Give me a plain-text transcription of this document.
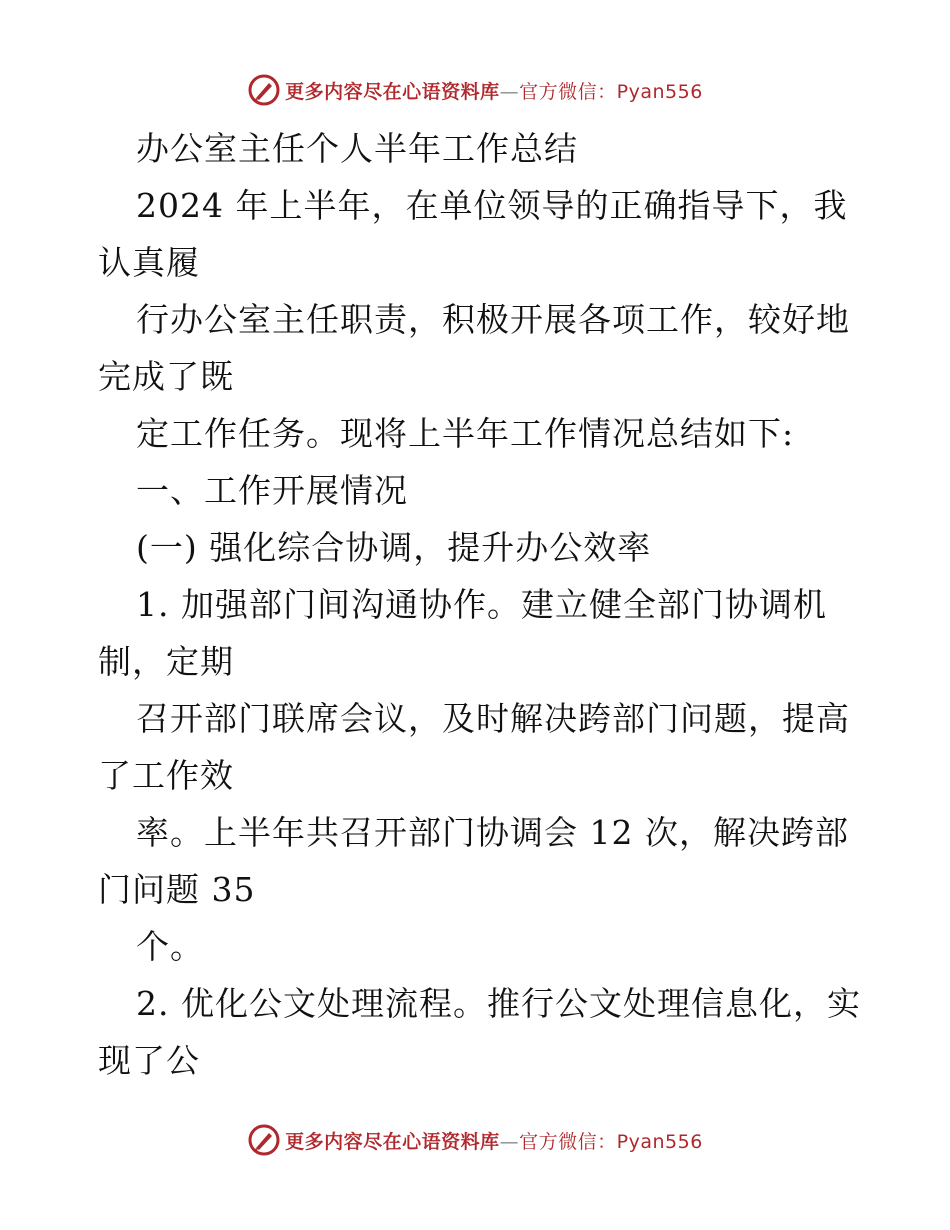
更多内容尽在心语资料库—官方微信：Pyan556
办公室主任个人半年工作总结
2024 年上半年，在单位领导的正确指导下，我
认真履
行办公室主任职责，积极开展各项工作，较好地
完成了既
定工作任务。现将上半年工作情况总结如下:
一、工作开展情况
(一) 强化综合协调，提升办公效率
1. 加强部门间沟通协作。建立健全部门协调机
制，定期
召开部门联席会议，及时解决跨部门问题，提高
了工作效
率。上半年共召开部门协调会 12 次，解决跨部
门问题 35
个。
2. 优化公文处理流程。推行公文处理信息化，实
现了公
更多内容尽在心语资料库—官方微信：Pyan556
